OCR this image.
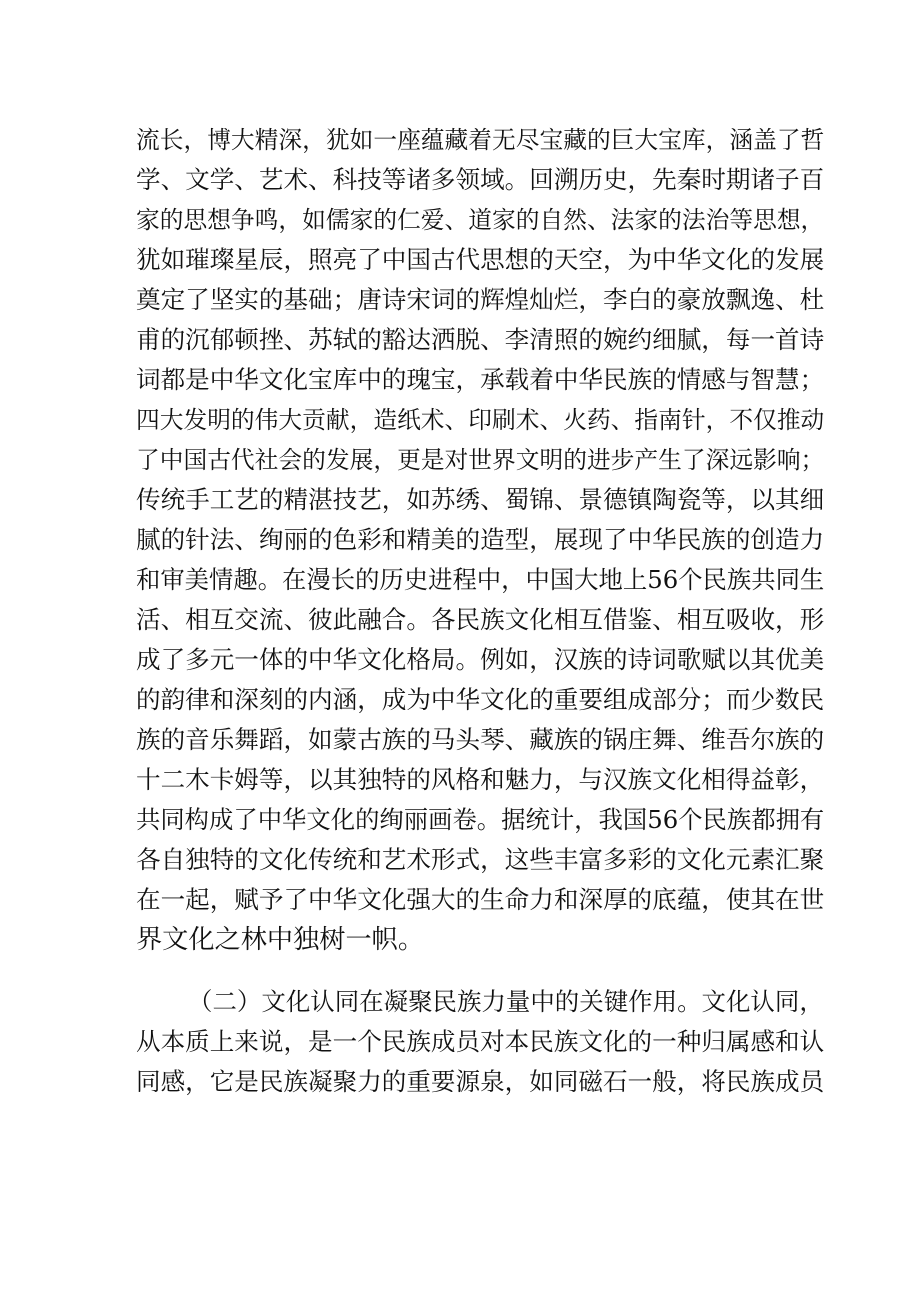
流长，博大精深，犹如一座蕴藏着无尽宝藏的巨大宝库，涵盖了哲
学、文学、艺术、科技等诸多领域。回溯历史，先秦时期诸子百
家的思想争鸣，如儒家的仁爱、道家的自然、法家的法治等思想，
犹如璀璨星辰，照亮了中国古代思想的天空，为中华文化的发展
奠定了坚实的基础；唐诗宋词的辉煌灿烂，李白的豪放飘逸、杜
甫的沉郁顿挫、苏轼的豁达洒脱、李清照的婉约细腻，每一首诗
词都是中华文化宝库中的瑰宝，承载着中华民族的情感与智慧；
四大发明的伟大贡献，造纸术、印刷术、火药、指南针，不仅推动
了中国古代社会的发展，更是对世界文明的进步产生了深远影响；
传统手工艺的精湛技艺，如苏绣、蜀锦、景德镇陶瓷等，以其细
腻的针法、绚丽的色彩和精美的造型，展现了中华民族的创造力
和审美情趣。在漫长的历史进程中，中国大地上56个民族共同生
活、相互交流、彼此融合。各民族文化相互借鉴、相互吸收，形
成了多元一体的中华文化格局。例如，汉族的诗词歌赋以其优美
的韵律和深刻的内涵，成为中华文化的重要组成部分；而少数民
族的音乐舞蹈，如蒙古族的马头琴、藏族的锅庄舞、维吾尔族的
十二木卡姆等，以其独特的风格和魅力，与汉族文化相得益彰，
共同构成了中华文化的绚丽画卷。据统计，我国56个民族都拥有
各自独特的文化传统和艺术形式，这些丰富多彩的文化元素汇聚
在一起，赋予了中华文化强大的生命力和深厚的底蕴，使其在世
界文化之林中独树一帜。
（二）文化认同在凝聚民族力量中的关键作用。文化认同，
从本质上来说，是一个民族成员对本民族文化的一种归属感和认
同感，它是民族凝聚力的重要源泉，如同磁石一般，将民族成员
